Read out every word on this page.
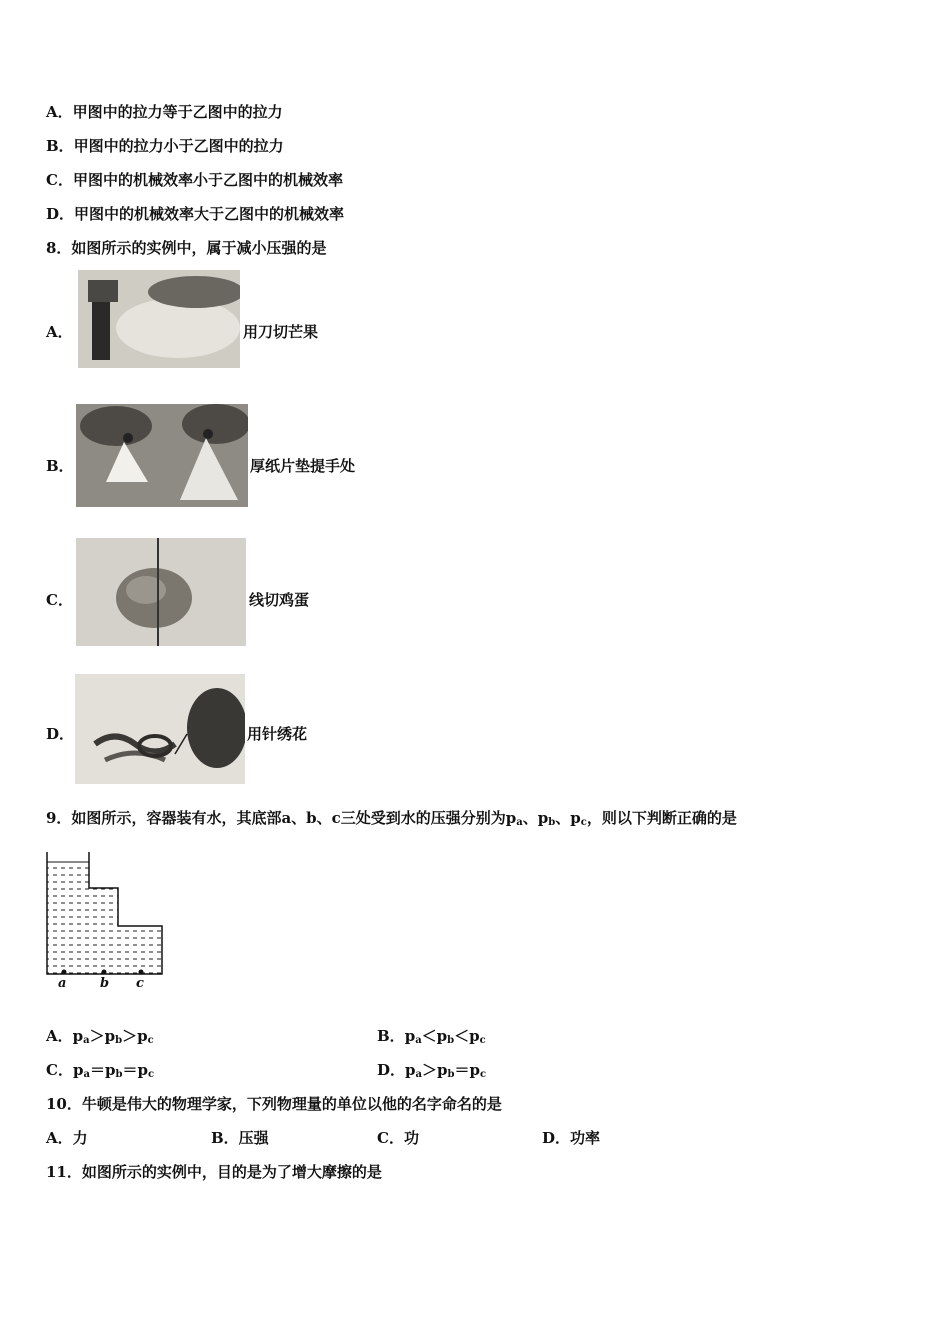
A．甲图中的拉力等于乙图中的拉力
B．甲图中的拉力小于乙图中的拉力
C．甲图中的机械效率小于乙图中的机械效率
D．甲图中的机械效率大于乙图中的机械效率
8．如图所示的实例中，属于减小压强的是
A．	用刀切芒果
B．	厚纸片垫提手处
C．	线切鸡蛋
D．	用针绣花
9．如图所示，容器装有水，其底部a、b、c三处受到水的压强分别为$p_a$、$p_b$、$p_c$，则以下判断正确的是
a	b c
A．$p_a>p_b>p_c$	B．$p_a<p_b<p_c$
C．$p_a=p_b=p_c$	D．$p_a>p_b=p_c$
10．牛顿是伟大的物理学家，下列物理量的单位以他的名字命名的是
A．力	B．压强	C．功	D．功率
11．如图所示的实例中，目的是为了增大摩擦的是
